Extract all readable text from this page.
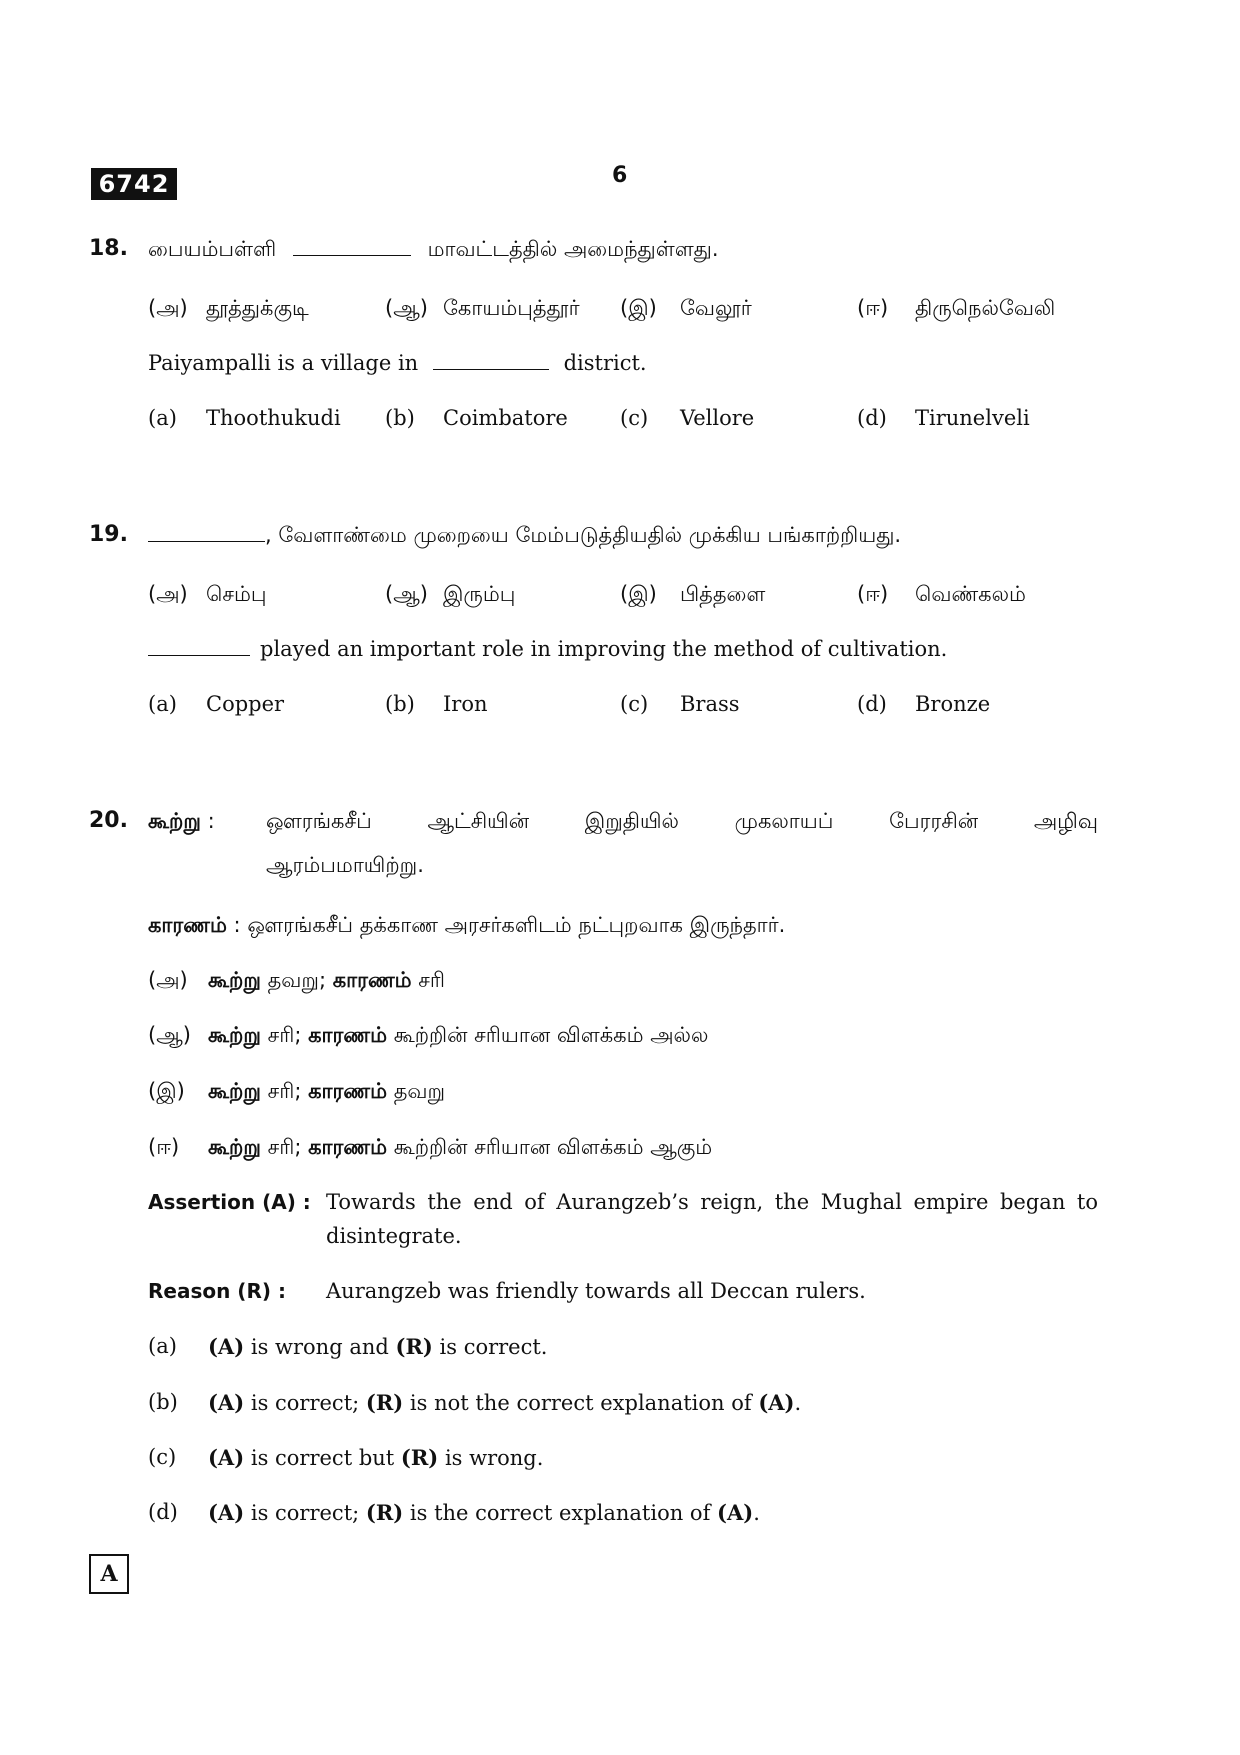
6742	6
18. பையம்பள்ளி	மாவட்டத்தில் அமைந்துள்ளது.
(அ) தூத்துக்குடி	(ஆ) கோயம்புத்தூர் (இ) வேலூர்	(ஈ) திருநெல்வேலி
Paiyampalli is a village in	district.
(a) Thoothukudi (b) Coimbatore (c) Vellore	(d) Tirunelveli
19.	, வேளாண்மை முறையை மேம்படுத்தியதில் முக்கிய பங்காற்றியது.
(அ) செம்பு	(ஆ) இரும்பு	(இ) பித்தளை	(ஈ) வெண்கலம்
played an important role in improving the method of cultivation.
(a) Copper	(b) Iron	(c) Brass	(d) Bronze
20. கூற்று : ஔரங்கசீப்	ஆட்சியின்	இறுதியில்	முகலாயப்	பேரரசின்	அழிவு
ஆரம்பமாயிற்று.
காரணம் : ஔரங்கசீப் தக்காண அரசர்களிடம் நட்புறவாக இருந்தார்.
(அ) கூற்று தவறு; காரணம் சரி
(ஆ) கூற்று சரி; காரணம் கூற்றின் சரியான விளக்கம் அல்ல
(இ) கூற்று சரி; காரணம் தவறு
(ஈ) கூற்று சரி; காரணம் கூற்றின் சரியான விளக்கம் ஆகும்
Assertion (A) : Towards the end of Aurangzeb’s reign, the Mughal empire began to
disintegrate.
Reason (R) : Aurangzeb was friendly towards all Deccan rulers.
(a) (A) is wrong and (R) is correct.
(b) (A) is correct; (R) is not the correct explanation of (A).
(c) (A) is correct but (R) is wrong.
(d) (A) is correct; (R) is the correct explanation of (A).
A
